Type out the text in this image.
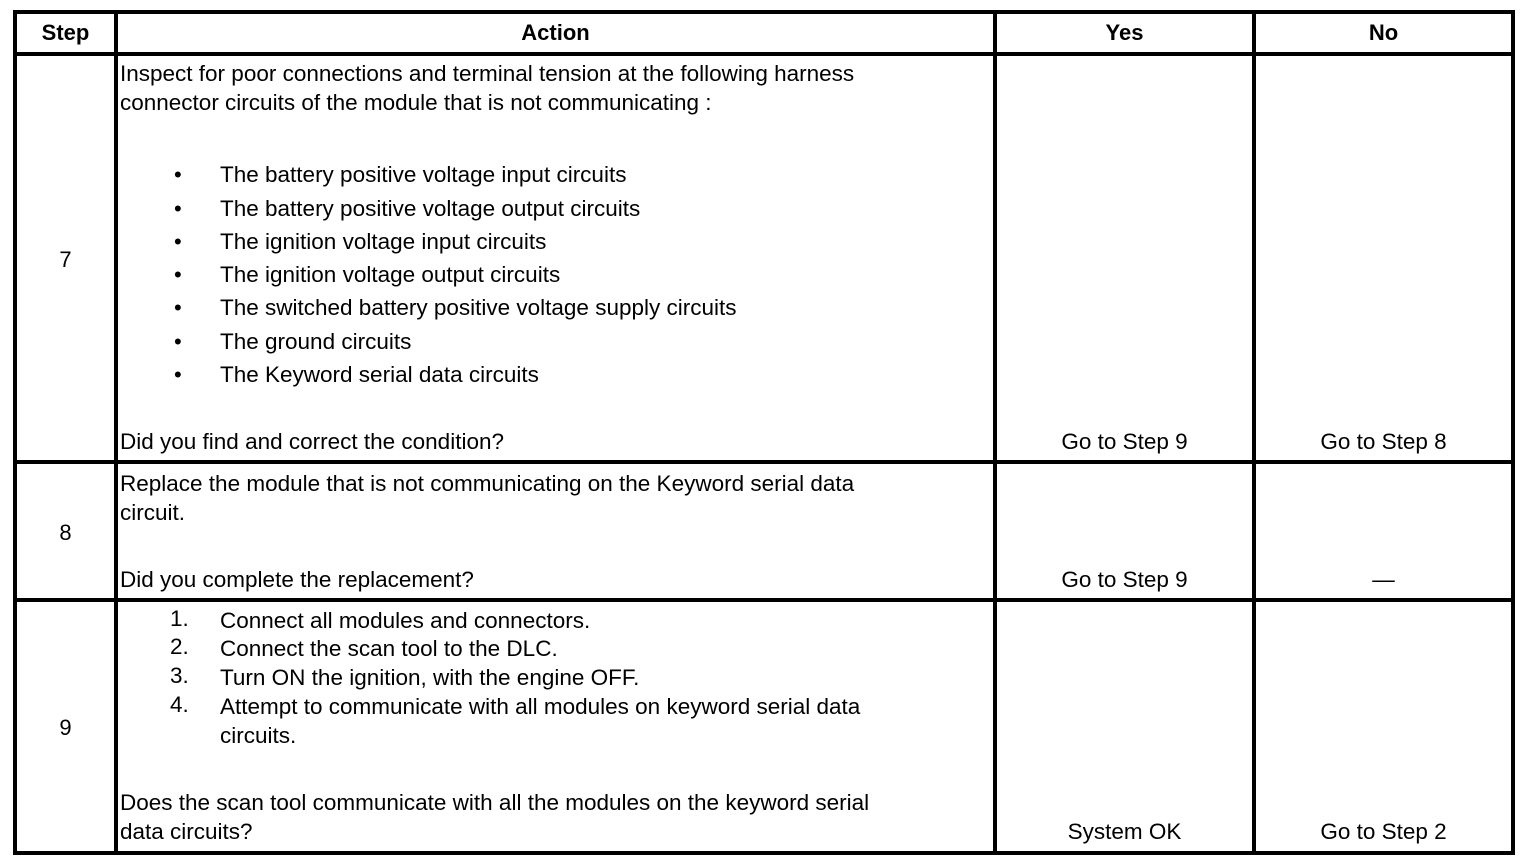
Step	Action	Yes	No
7
Inspect for poor connections and terminal tension at the following harness
connector circuits of the module that is not communicating :
• The battery positive voltage input circuits
• The battery positive voltage output circuits
• The ignition voltage input circuits
• The ignition voltage output circuits
• The switched battery positive voltage supply circuits
• The ground circuits
• The Keyword serial data circuits
Did you find and correct the condition?	Go to Step 9	Go to Step 8
8
Replace the module that is not communicating on the Keyword serial data
circuit.
Did you complete the replacement?	Go to Step 9	—
9
1. Connect all modules and connectors.
2. Connect the scan tool to the DLC.
3. Turn ON the ignition, with the engine OFF.
4. Attempt to communicate with all modules on keyword serial data
circuits.
Does the scan tool communicate with all the modules on the keyword serial
data circuits?	System OK	Go to Step 2
